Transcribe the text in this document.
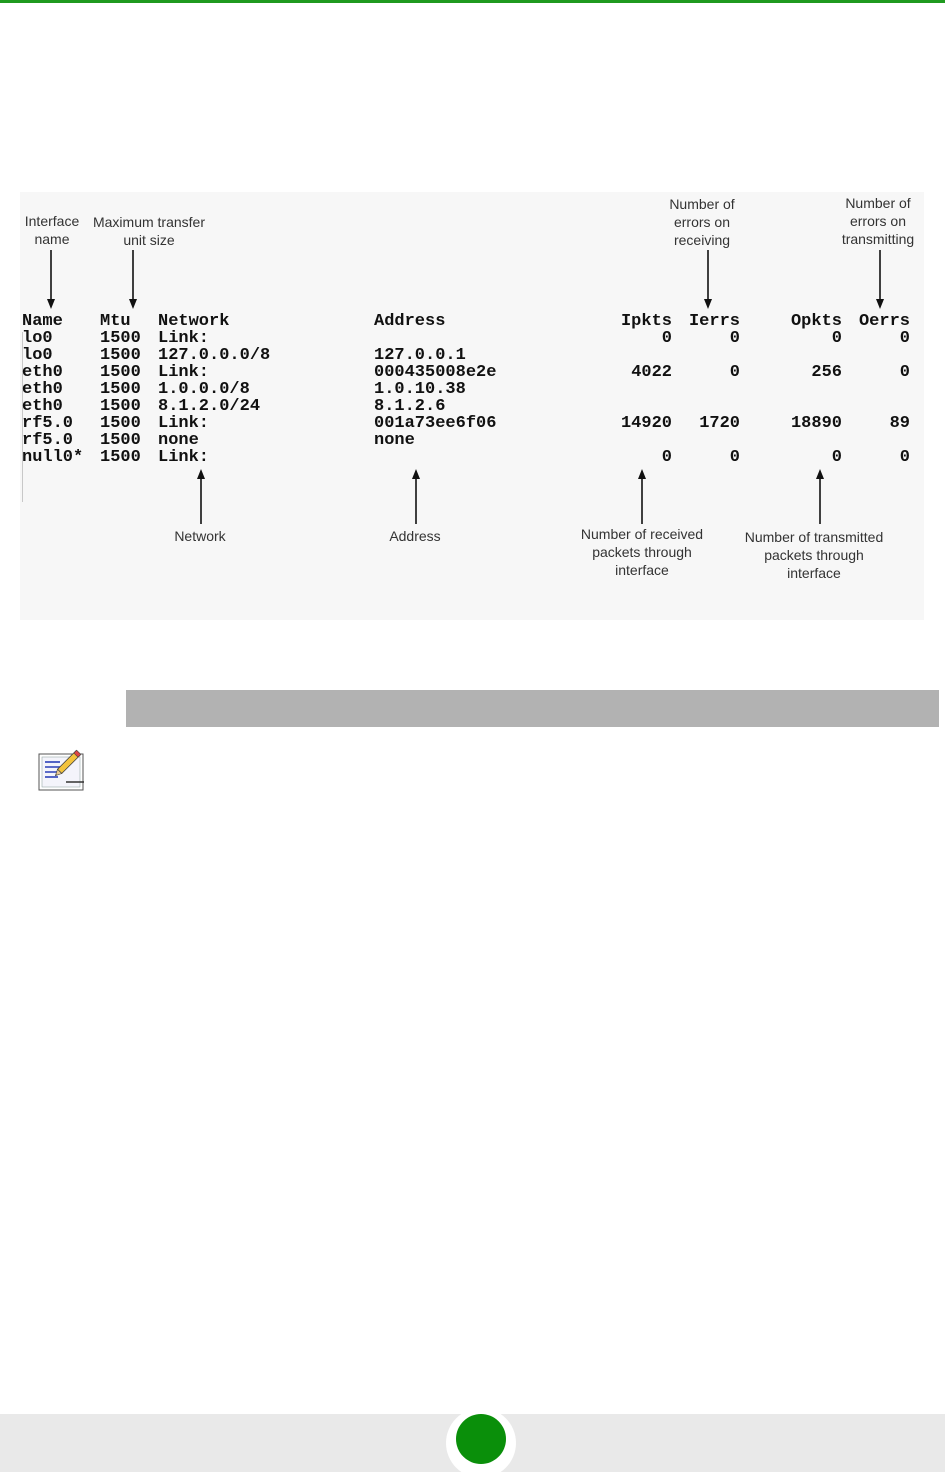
Interface
name
Maximum transfer
unit size
Number of
errors on
receiving
Number of
errors on
transmitting
Network	Address	Number of received
packets through
interface
Number of transmitted
packets through
interface
Name
lo0
lo0
eth0
eth0
eth0
rf5.0
rf5.0
null0*
Mtu
1500
1500
1500
1500
1500
1500
1500
1500
Network
Link:
127.0.0.0/8
Link:
1.0.0.0/8
8.1.2.0/24
Link:
none
Link:
Address

127.0.0.1
000435008e2e
1.0.10.38
8.1.2.6
001a73ee6f06
none

Ipkts
0

4022

14920

0
Ierrs
0

0

1720

0
Opkts
0

256

18890

0
Oerrs
0

0

89

0
